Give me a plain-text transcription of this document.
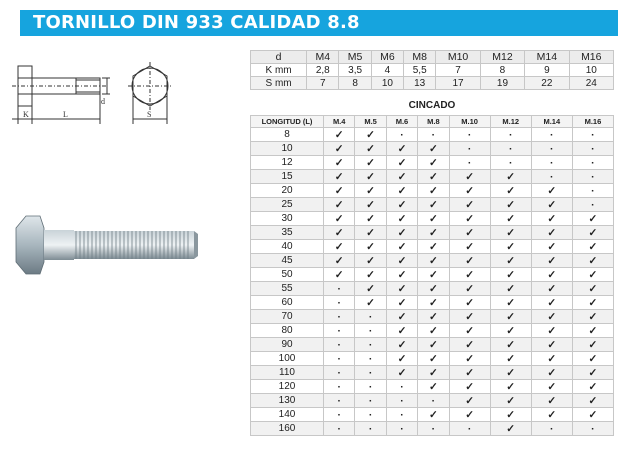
TORNILLO DIN 933 CALIDAD 8.8
K	L
d
S
d	M4	M5	M6	M8	M10	M12	M14	M16
K mm	2,8	3,5	4	5,5	7	8	9	10
S mm	7	8	10	13	17	19	22	24
CINCADO
LONGITUD (L)	M.4	M.5	M.6	M.8	M.10	M.12	M.14	M.16
8	✓	✓	·	·	·	·	·	·
10	✓	✓	✓	✓	·	·	·	·
12	✓	✓	✓	✓	·	·	·	·
15	✓	✓	✓	✓	✓	✓	·	·
20	✓	✓	✓	✓	✓	✓	✓	·
25	✓	✓	✓	✓	✓	✓	✓	·
30	✓	✓	✓	✓	✓	✓	✓	✓
35	✓	✓	✓	✓	✓	✓	✓	✓
40	✓	✓	✓	✓	✓	✓	✓	✓
45	✓	✓	✓	✓	✓	✓	✓	✓
50	✓	✓	✓	✓	✓	✓	✓	✓
55	·	✓	✓	✓	✓	✓	✓	✓
60	·	✓	✓	✓	✓	✓	✓	✓
70	·	·	✓	✓	✓	✓	✓	✓
80	·	·	✓	✓	✓	✓	✓	✓
90	·	·	✓	✓	✓	✓	✓	✓
100	·	·	✓	✓	✓	✓	✓	✓
110	·	·	✓	✓	✓	✓	✓	✓
120	·	·	·	✓	✓	✓	✓	✓
130	·	·	·	·	✓	✓	✓	✓
140	·	·	·	✓	✓	✓	✓	✓
160	·	·	·	·	·	✓	·	·
